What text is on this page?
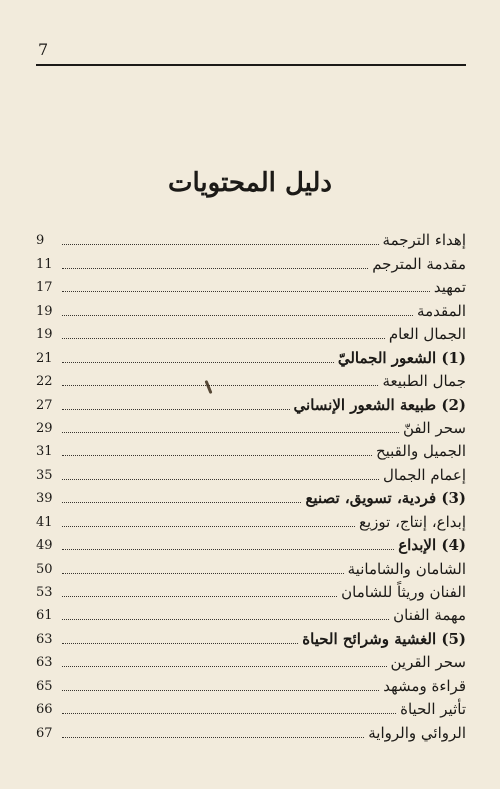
7
دليل المحتويات
إهداء الترجمة
9
مقدمة المترجم
11
تمهيد
17
المقدمة
19
الجمال العام
19
(1) الشعور الجماليّ
21
جمال الطبيعة
22
(2) طبيعة الشعور الإنساني
27
سحر الفنّ
29
الجميل والقبيح
31
إعمام الجمال
35
(3) فردية، تسويق، تصنيع
39
إبداع، إنتاج، توزيع
41
(4) الإبداع
49
الشامان والشامانية
50
الفنان وريثاً للشامان
53
مهمة الفنان
61
(5) الغشية وشرائح الحياة
63
سحر القرين
63
قراءة ومشهد
65
تأثير الحياة
66
الروائي والرواية
67
